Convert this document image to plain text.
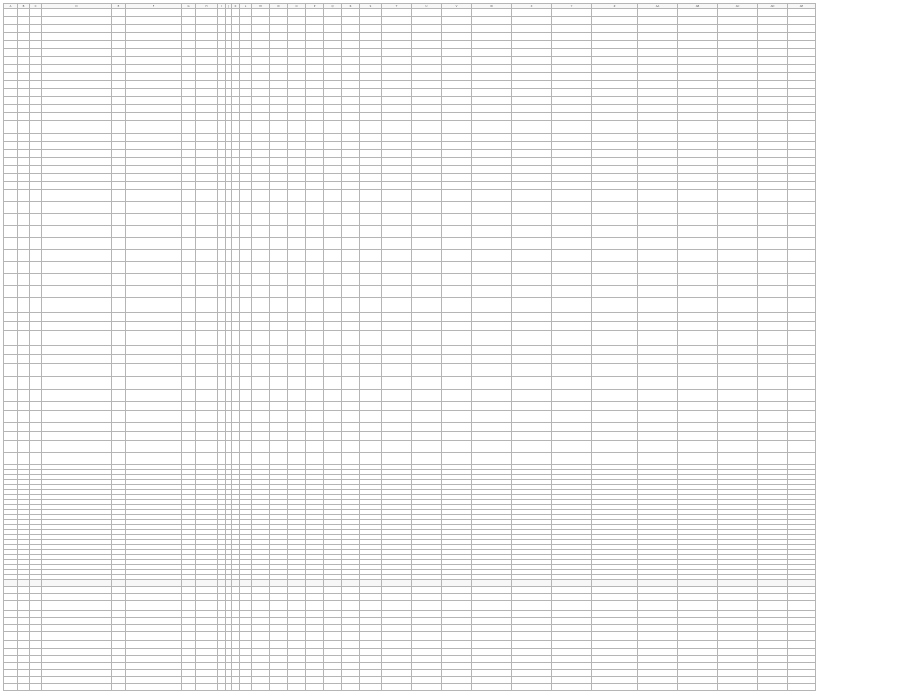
A	B	C	D	E	F	G	H	I	J	K	L	M	N	O	P	Q	R	S	T	U	V	W	X	Y	Z	AA	AB	AC	AD	AE
